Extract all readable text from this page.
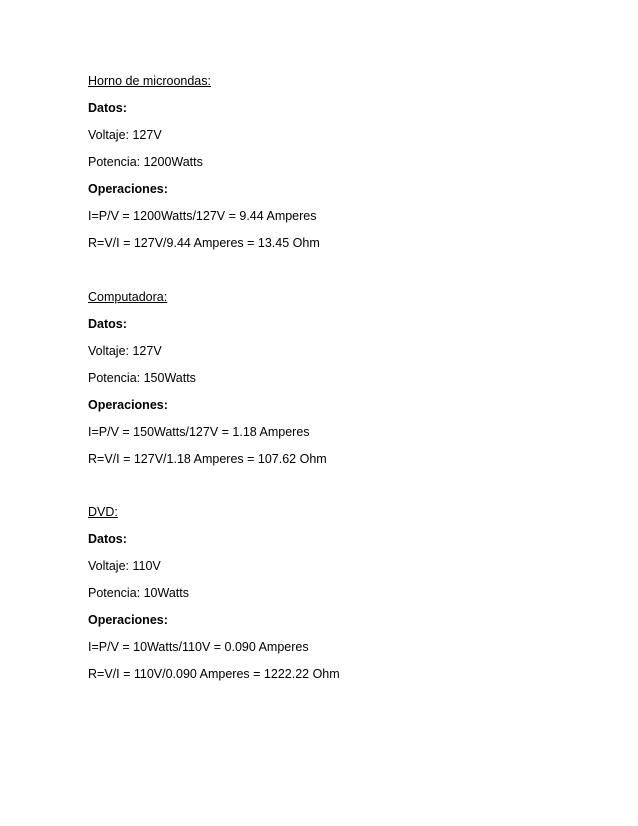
Horno de microondas:
Datos:
Voltaje: 127V
Potencia: 1200Watts
Operaciones:
I=P/V = 1200Watts/127V = 9.44 Amperes
R=V/I = 127V/9.44 Amperes = 13.45 Ohm
Computadora:
Datos:
Voltaje: 127V
Potencia: 150Watts
Operaciones:
I=P/V = 150Watts/127V = 1.18 Amperes
R=V/I = 127V/1.18 Amperes = 107.62 Ohm
DVD:
Datos:
Voltaje: 110V
Potencia: 10Watts
Operaciones:
I=P/V = 10Watts/110V = 0.090 Amperes
R=V/I = 110V/0.090 Amperes = 1222.22 Ohm
